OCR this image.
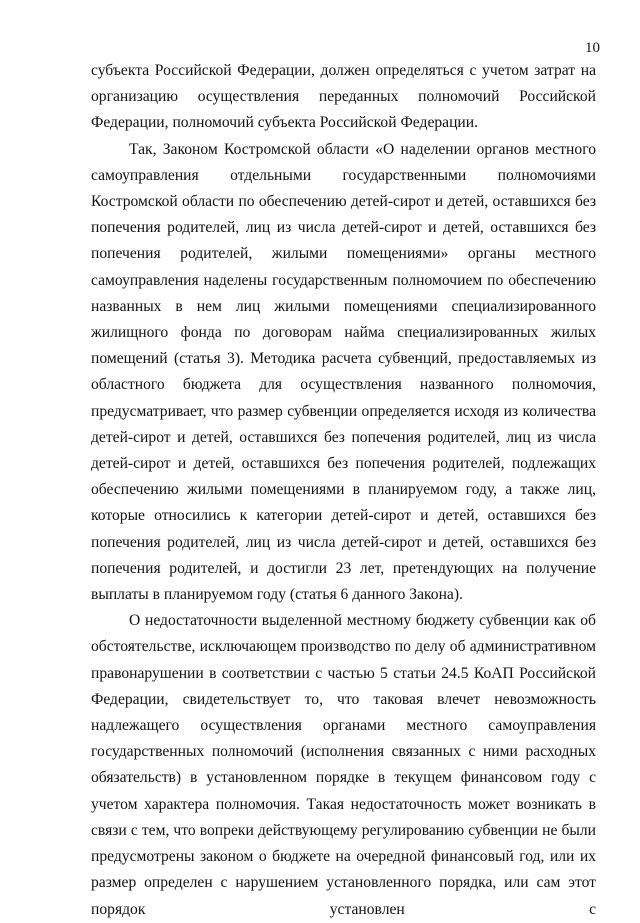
10

субъекта Российской Федерации, должен определяться с учетом затрат на организацию осуществления переданных полномочий Российской Федерации, полномочий субъекта Российской Федерации.

Так, Законом Костромской области «О наделении органов местного самоуправления отдельными государственными полномочиями Костромской области по обеспечению детей-сирот и детей, оставшихся без попечения родителей, лиц из числа детей-сирот и детей, оставшихся без попечения родителей, жилыми помещениями» органы местного самоуправления наделены государственным полномочием по обеспечению названных в нем лиц жилыми помещениями специализированного жилищного фонда по договорам найма специализированных жилых помещений (статья 3). Методика расчета субвенций, предоставляемых из областного бюджета для осуществления названного полномочия, предусматривает, что размер субвенции определяется исходя из количества детей-сирот и детей, оставшихся без попечения родителей, лиц из числа детей-сирот и детей, оставшихся без попечения родителей, подлежащих обеспечению жилыми помещениями в планируемом году, а также лиц, которые относились к категории детей-сирот и детей, оставшихся без попечения родителей, лиц из числа детей-сирот и детей, оставшихся без попечения родителей, и достигли 23 лет, претендующих на получение выплаты в планируемом году (статья 6 данного Закона).

О недостаточности выделенной местному бюджету субвенции как об обстоятельстве, исключающем производство по делу об административном правонарушении в соответствии с частью 5 статьи 24.5 КоАП Российской Федерации, свидетельствует то, что таковая влечет невозможность надлежащего осуществления органами местного самоуправления государственных полномочий (исполнения связанных с ними расходных обязательств) в установленном порядке в текущем финансовом году с учетом характера полномочия. Такая недостаточность может возникать в связи с тем, что вопреки действующему регулированию субвенции не были предусмотрены законом о бюджете на очередной финансовый год, или их размер определен с нарушением установленного порядка, или сам этот порядок установлен с
